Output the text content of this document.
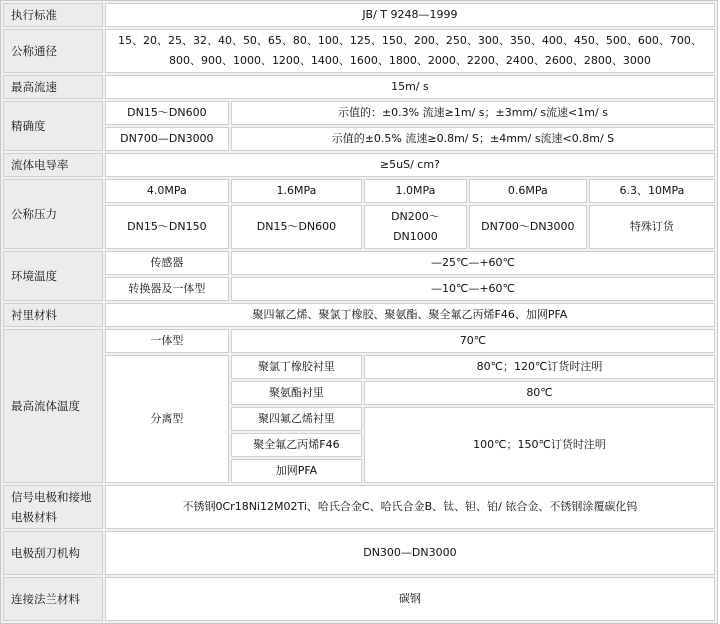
执行标准	JB/ T 9248—1999				
公称通径	15、20、25、32、40、50、65、80、100、125、150、200、250、300、350、400、450、500、600、700、
800、900、1000、1200、1400、1600、1800、2000、2200、2400、2600、2800、3000				
最高流速	15m/ s				
精确度	DN15～DN600	示值的：±0.3% 流速≥1m/ s；±3mm/ s流速<1m/ s			
	DN700—DN3000	示值的±0.5% 流速≥0.8m/ S；±4mm/ s流速<0.8m/ S			
流体电导率	≥5uS/ cm?				
公称压力	4.0MPa	1.6MPa	1.0MPa	0.6MPa	6.3、10MPa
	DN15～DN150	DN15～DN600	DN200～
DN1000	DN700～DN3000	特殊订货
环境温度	传感器	—25℃—+60℃			
	转换器及一体型	—10℃—+60℃			
衬里材料	聚四氟乙烯、聚氯丁橡胶、聚氨酯、聚全氟乙丙烯F46、加网PFA				
最高流体温度	一体型	70℃			
	分离型	聚氯丁橡胶衬里	80℃；120℃订货时注明		
		聚氨酯衬里	80℃		
		聚四氟乙烯衬里	100℃；150℃订货时注明		
		聚全氟乙丙烯F46			
		加网PFA			
信号电极和接地电极材料	不锈钢0Cr18Ni12M02Ti、哈氏合金C、哈氏合金B、钛、钽、铂/ 铱合金、不锈钢涂覆碳化钨				
电极刮刀机构	DN300—DN3000				
连接法兰材料	碳钢				
